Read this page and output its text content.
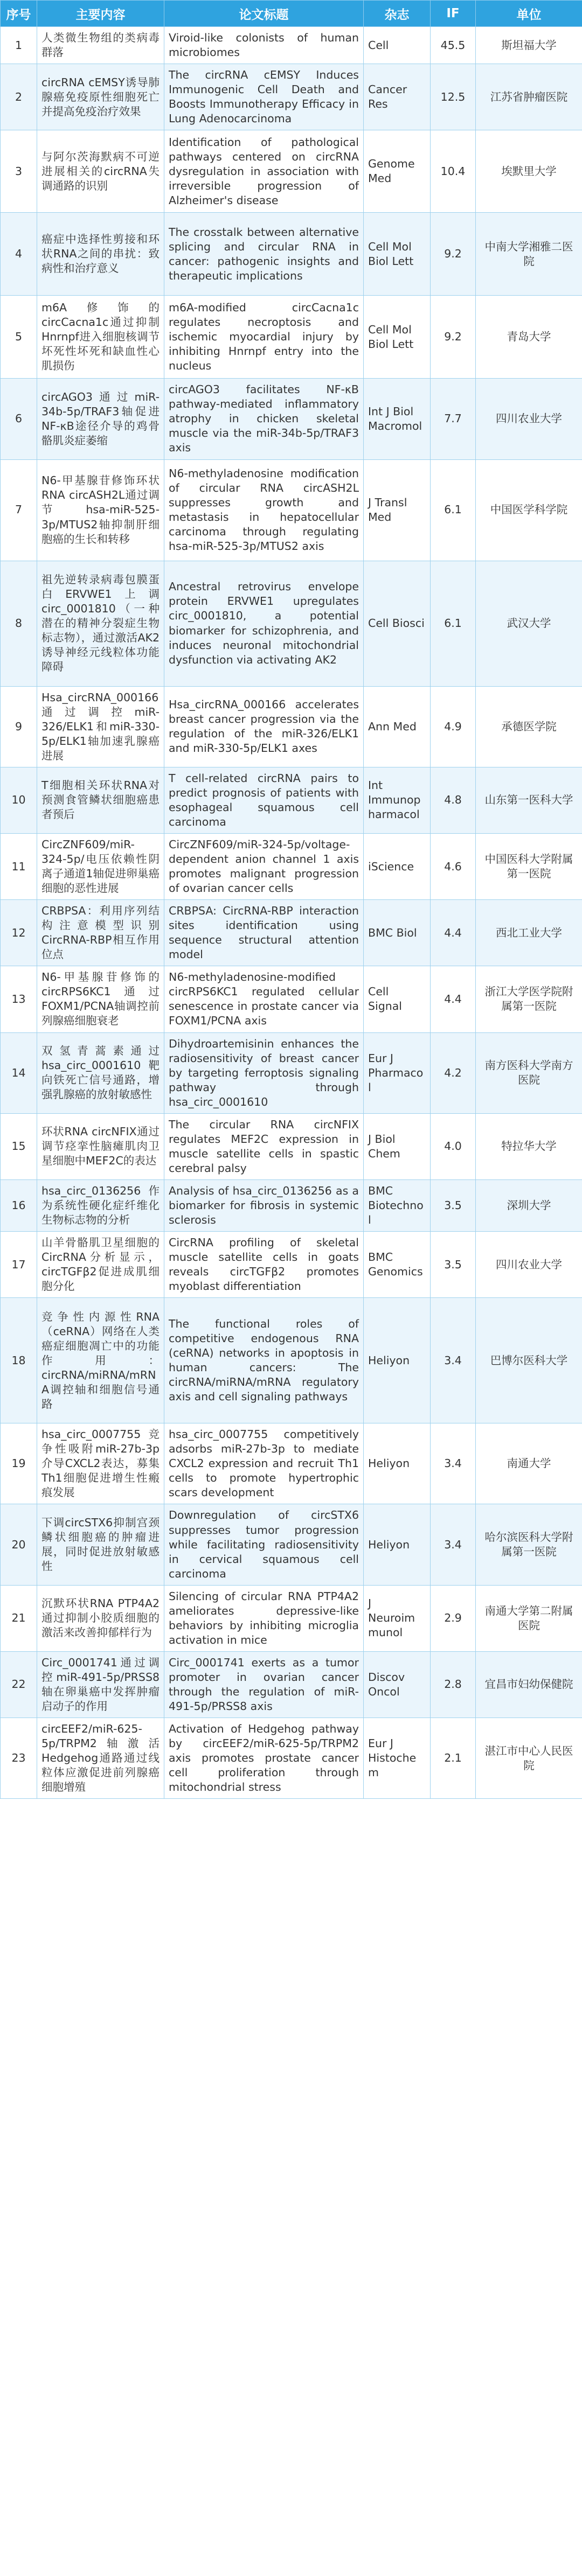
序号	主要内容	论文标题	杂志	IF	单位
1	人类微生物组的类病毒群落	Viroid-like colonists of human microbiomes	Cell	45.5	斯坦福大学
2	circRNA cEMSY诱导肺腺癌免疫原性细胞死亡并提高免疫治疗效果	The circRNA cEMSY Induces Immunogenic Cell Death and Boosts Immunotherapy Efficacy in Lung Adenocarcinoma	Cancer Res	12.5	江苏省肿瘤医院
3	与阿尔茨海默病不可逆进展相关的circRNA失调通路的识别	Identification of pathological pathways centered on circRNA dysregulation in association with irreversible progression of Alzheimer's disease	Genome Med	10.4	埃默里大学
4	癌症中选择性剪接和环状RNA之间的串扰：致病性和治疗意义	The crosstalk between alternative splicing and circular RNA in cancer: pathogenic insights and therapeutic implications	Cell Mol Biol Lett	9.2	中南大学湘雅二医院
5	m6A修饰的circCacna1c通过抑制Hnrnpf进入细胞核调节坏死性坏死和缺血性心肌损伤	m6A-modified circCacna1c regulates necroptosis and ischemic myocardial injury by inhibiting Hnrnpf entry into the nucleus	Cell Mol Biol Lett	9.2	青岛大学
6	circAGO3通过miR-34b-5p/TRAF3轴促进NF-κB途径介导的鸡骨骼肌炎症萎缩	circAGO3 facilitates NF-κB pathway-mediated inflammatory atrophy in chicken skeletal muscle via the miR-34b-5p/TRAF3 axis	Int J Biol Macromol	7.7	四川农业大学
7	N6-甲基腺苷修饰环状RNA circASH2L通过调节hsa-miR-525-3p/MTUS2轴抑制肝细胞癌的生长和转移	N6-methyladenosine modification of circular RNA circASH2L suppresses growth and metastasis in hepatocellular carcinoma through regulating hsa-miR-525-3p/MTUS2 axis	J Transl Med	6.1	中国医学科学院
8	祖先逆转录病毒包膜蛋白ERVWE1上调circ_0001810（一种潜在的精神分裂症生物标志物），通过激活AK2诱导神经元线粒体功能障碍	Ancestral retrovirus envelope protein ERVWE1 upregulates circ_0001810, a potential biomarker for schizophrenia, and induces neuronal mitochondrial dysfunction via activating AK2	Cell Biosci	6.1	武汉大学
9	Hsa_circRNA_000166通过调控miR-326/ELK1和miR-330-5p/ELK1轴加速乳腺癌进展	Hsa_circRNA_000166 accelerates breast cancer progression via the regulation of the miR-326/ELK1 and miR-330-5p/ELK1 axes	Ann Med	4.9	承德医学院
10	T细胞相关环状RNA对预测食管鳞状细胞癌患者预后	T cell-related circRNA pairs to predict prognosis of patients with esophageal squamous cell carcinoma	Int Immunopharmacol	4.8	山东第一医科大学
11	CircZNF609/miR-324-5p/电压依赖性阴离子通道1轴促进卵巢癌细胞的恶性进展	CircZNF609/miR-324-5p/voltage-dependent anion channel 1 axis promotes malignant progression of ovarian cancer cells	iScience	4.6	中国医科大学附属第一医院
12	CRBPSA：利用序列结构注意模型识别CircRNA-RBP相互作用位点	CRBPSA: CircRNA-RBP interaction sites identification using sequence structural attention model	BMC Biol	4.4	西北工业大学
13	N6-甲基腺苷修饰的circRPS6KC1通过FOXM1/PCNA轴调控前列腺癌细胞衰老	N6-methyladenosine-modified circRPS6KC1 regulated cellular senescence in prostate cancer via FOXM1/PCNA axis	Cell Signal	4.4	浙江大学医学院附属第一医院
14	双氢青蒿素通过hsa_circ_0001610靶向铁死亡信号通路，增强乳腺癌的放射敏感性	Dihydroartemisinin enhances the radiosensitivity of breast cancer by targeting ferroptosis signaling pathway through hsa_circ_0001610	Eur J Pharmacol	4.2	南方医科大学南方医院
15	环状RNA circNFIX通过调节痉挛性脑瘫肌肉卫星细胞中MEF2C的表达	The circular RNA circNFIX regulates MEF2C expression in muscle satellite cells in spastic cerebral palsy	J Biol Chem	4.0	特拉华大学
16	hsa_circ_0136256作为系统性硬化症纤维化生物标志物的分析	Analysis of hsa_circ_0136256 as a biomarker for fibrosis in systemic sclerosis	BMC Biotechnol	3.5	深圳大学
17	山羊骨骼肌卫星细胞的CircRNA分析显示，circTGFβ2促进成肌细胞分化	CircRNA profiling of skeletal muscle satellite cells in goats reveals circTGFβ2 promotes myoblast differentiation	BMC Genomics	3.5	四川农业大学
18	竞争性内源性RNA（ceRNA）网络在人类癌症细胞凋亡中的功能作用：circRNA/miRNA/mRNA调控轴和细胞信号通路	The functional roles of competitive endogenous RNA (ceRNA) networks in apoptosis in human cancers: The circRNA/miRNA/mRNA regulatory axis and cell signaling pathways	Heliyon	3.4	巴博尔医科大学
19	hsa_circ_0007755竞争性吸附miR-27b-3p介导CXCL2表达，募集Th1细胞促进增生性瘢痕发展	hsa_circ_0007755 competitively adsorbs miR-27b-3p to mediate CXCL2 expression and recruit Th1 cells to promote hypertrophic scars development	Heliyon	3.4	南通大学
20	下调circSTX6抑制宫颈鳞状细胞癌的肿瘤进展，同时促进放射敏感性	Downregulation of circSTX6 suppresses tumor progression while facilitating radiosensitivity in cervical squamous cell carcinoma	Heliyon	3.4	哈尔滨医科大学附属第一医院
21	沉默环状RNA PTP4A2通过抑制小胶质细胞的激活来改善抑郁样行为	Silencing of circular RNA PTP4A2 ameliorates depressive-like behaviors by inhibiting microglia activation in mice	J Neuroimmunol	2.9	南通大学第二附属医院
22	Circ_0001741通过调控miR-491-5p/PRSS8轴在卵巢癌中发挥肿瘤启动子的作用	Circ_0001741 exerts as a tumor promoter in ovarian cancer through the regulation of miR-491-5p/PRSS8 axis	Discov Oncol	2.8	宜昌市妇幼保健院
23	circEEF2/miR-625-5p/TRPM2轴激活Hedgehog通路通过线粒体应激促进前列腺癌细胞增殖	Activation of Hedgehog pathway by circEEF2/miR-625-5p/TRPM2 axis promotes prostate cancer cell proliferation through mitochondrial stress	Eur J Histochem	2.1	湛江市中心人民医院
